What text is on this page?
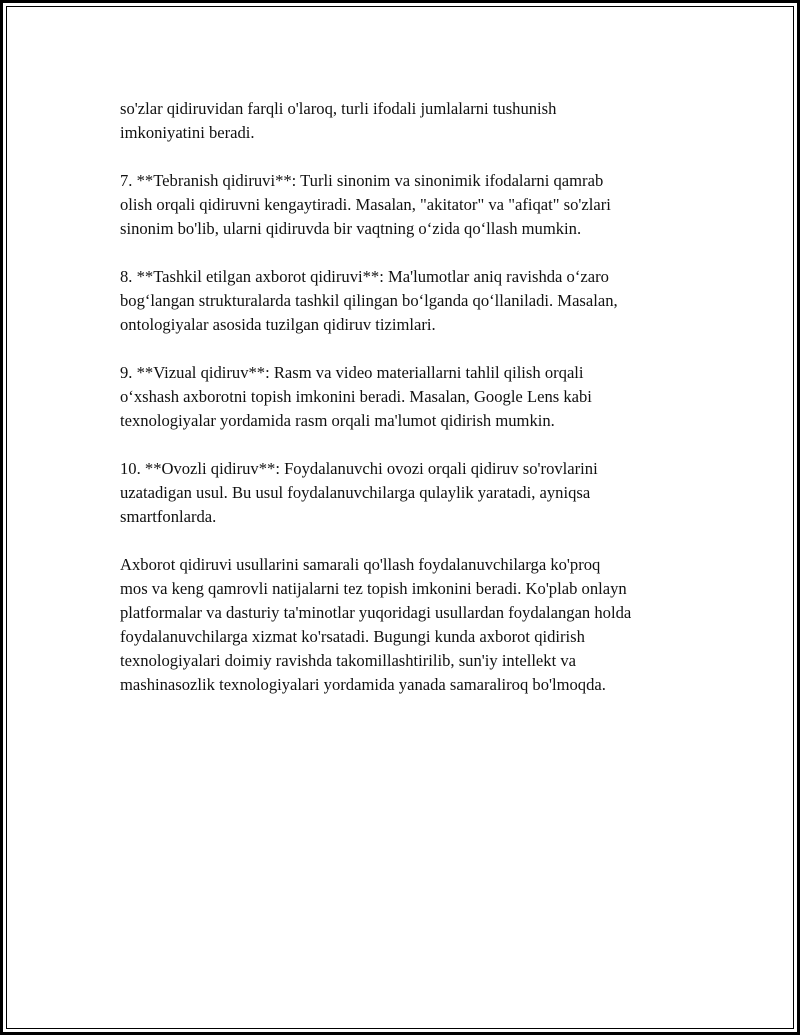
so'zlar qidiruvidan farqli o'laroq, turli ifodali jumlalarni tushunish
imkoniyatini beradi.

7. **Tebranish qidiruvi**: Turli sinonim va sinonimik ifodalarni qamrab
olish orqali qidiruvni kengaytiradi. Masalan, "akitator" va "afiqat" so'zlari
sinonim bo'lib, ularni qidiruvda bir vaqtning o‘zida qo‘llash mumkin.

8. **Tashkil etilgan axborot qidiruvi**: Ma'lumotlar aniq ravishda o‘zaro
bog‘langan strukturalarda tashkil qilingan bo‘lganda qo‘llaniladi. Masalan,
ontologiyalar asosida tuzilgan qidiruv tizimlari.

9. **Vizual qidiruv**: Rasm va video materiallarni tahlil qilish orqali
o‘xshash axborotni topish imkonini beradi. Masalan, Google Lens kabi
texnologiyalar yordamida rasm orqali ma'lumot qidirish mumkin.

10. **Ovozli qidiruv**: Foydalanuvchi ovozi orqali qidiruv so'rovlarini
uzatadigan usul. Bu usul foydalanuvchilarga qulaylik yaratadi, ayniqsa
smartfonlarda.

Axborot qidiruvi usullarini samarali qo'llash foydalanuvchilarga ko'proq
mos va keng qamrovli natijalarni tez topish imkonini beradi. Ko'plab onlayn
platformalar va dasturiy ta'minotlar yuqoridagi usullardan foydalangan holda
foydalanuvchilarga xizmat ko'rsatadi. Bugungi kunda axborot qidirish
texnologiyalari doimiy ravishda takomillashtirilib, sun'iy intellekt va
mashinasozlik texnologiyalari yordamida yanada samaraliroq bo'lmoqda.
